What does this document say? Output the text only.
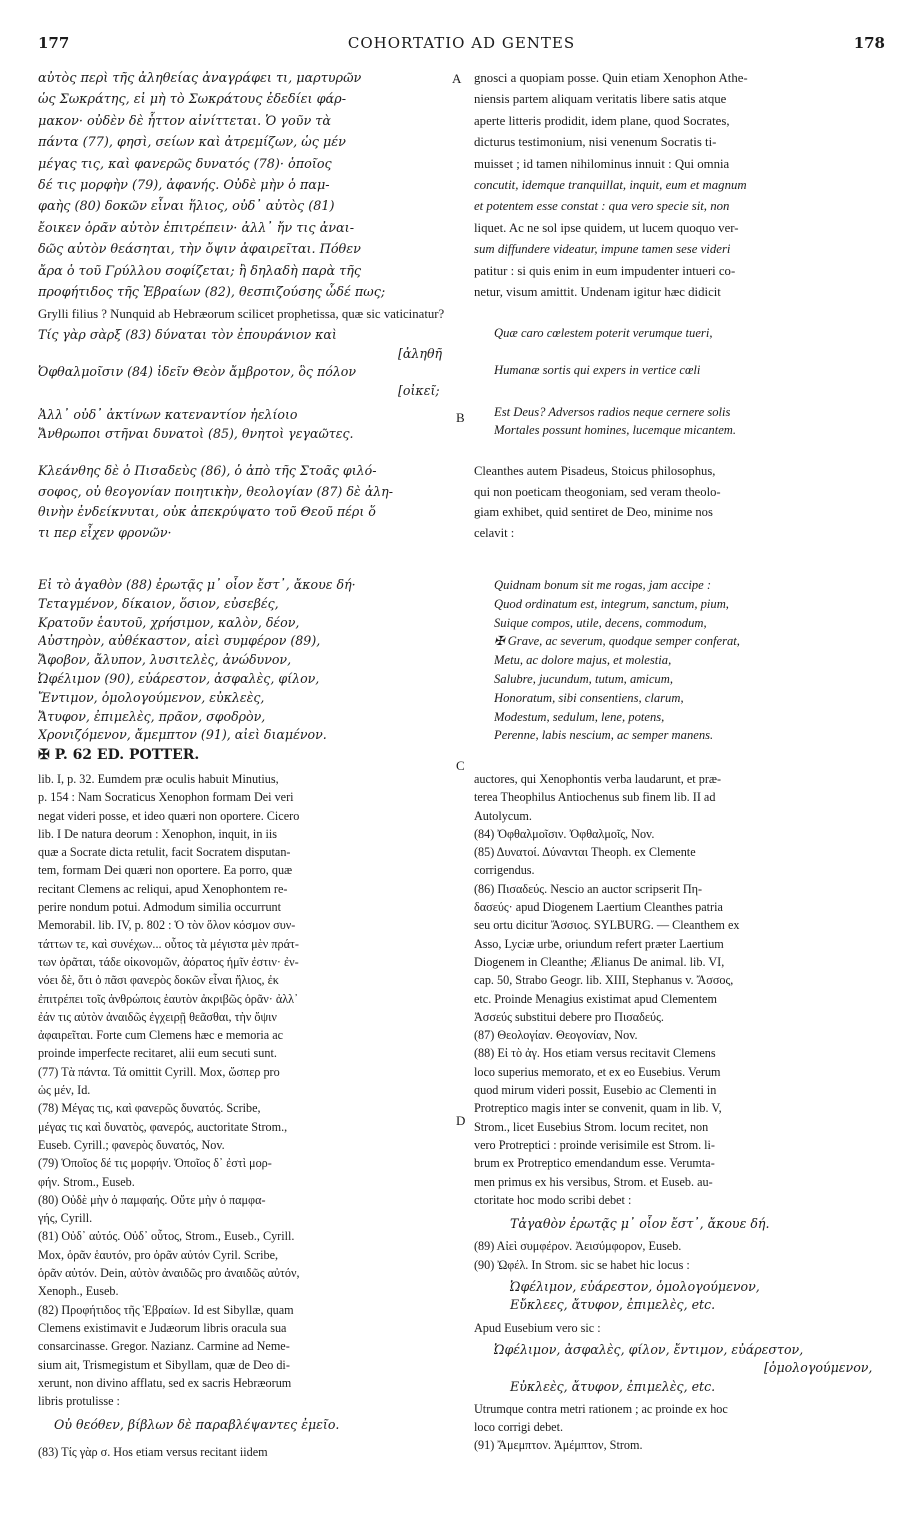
177	COHORTATIO AD GENTES	178
A
B
C
D
αὐτὸς περὶ τῆς ἀληθείας ἀναγράφει τι, μαρτυρῶν
ὡς Σωκράτης, εἰ μὴ τὸ Σωκράτους ἐδεδίει φάρ-
μακον· οὐδὲν δὲ ἧττον αἰνίττεται. Ὁ γοῦν τὰ
πάντα (77), φησὶ, σείων καὶ ἀτρεμίζων, ὡς μέν
μέγας τις, καὶ φανερῶς δυνατός (78)· ὁποῖος
δέ τις μορφὴν (79), ἀφανής. Οὐδὲ μὴν ὁ παμ-
φαὴς (80) δοκῶν εἶναι ἥλιος, οὐδ᾽ αὐτὸς (81)
ἔοικεν ὁρᾶν αὐτὸν ἐπιτρέπειν· ἀλλ᾽ ἤν τις ἀναι-
δῶς αὐτὸν θεάσηται, τὴν ὄψιν ἀφαιρεῖται. Πόθεν
ἄρα ὁ τοῦ Γρύλλου σοφίζεται; ἢ δηλαδὴ παρὰ τῆς
προφήτιδος τῆς Ἑβραίων (82), θεσπιζούσης ὧδέ πως;
gnosci a quopiam posse. Quin etiam Xenophon Athe-
niensis partem aliquam veritatis libere satis atque
aperte litteris prodidit, idem plane, quod Socrates,
dicturus testimonium, nisi venenum Socratis ti-
muisset ; id tamen nihilominus innuit : Qui omnia
concutit, idemque tranquillat, inquit, eum et magnum
et potentem esse constat : qua vero specie sit, non
liquet. Ac ne sol ipse quidem, ut lucem quoquo ver-
sum diffundere videatur, impune tamen sese videri
patitur : si quis enim in eum impudenter intueri co-
netur, visum amittit. Undenam igitur hæc didicit
Grylli filius ? Nunquid ab Hebræorum scilicet prophetissa, quæ sic vaticinatur?
Τίς γὰρ σὰρξ (83) δύναται τὸν ἐπουράνιον καὶ
[ἀληθῆ
Ὀφθαλμοῖσιν (84) ἰδεῖν Θεὸν ἄμβροτον, ὃς πόλον
[οἰκεῖ;
Ἀλλ᾽ οὐδ᾽ ἀκτίνων κατεναντίον ἠελίοιο
Ἄνθρωποι στῆναι δυνατοὶ (85), θνητοὶ γεγαῶτες.
Quæ caro cœlestem poterit verumque tueri,
Humanæ sortis qui expers in vertice cœli
Est Deus? Adversos radios neque cernere solis
Mortales possunt homines, lucemque micantem.
Κλεάνθης δὲ ὁ Πισαδεὺς (86), ὁ ἀπὸ τῆς Στοᾶς φιλό-
σοφος, οὐ θεογονίαν ποιητικὴν, θεολογίαν (87) δὲ ἀλη-
θινὴν ἐνδείκνυται, οὐκ ἀπεκρύψατο τοῦ Θεοῦ πέρι ὅ
τι περ εἶχεν φρονῶν·
Cleanthes autem Pisadeus, Stoicus philosophus,
qui non poeticam theogoniam, sed veram theolo-
giam exhibet, quid sentiret de Deo, minime nos
celavit :
Εἰ τὸ ἀγαθὸν (88) ἐρωτᾷς μ᾽ οἷον ἔστ᾽, ἄκουε δή·
Τεταγμένον, δίκαιον, ὅσιον, εὐσεβές,
Κρατοῦν ἑαυτοῦ, χρήσιμον, καλὸν, δέον,
Αὐστηρὸν, αὐθέκαστον, αἰεὶ συμφέρον (89),
Ἄφοβον, ἄλυπον, λυσιτελὲς, ἀνώδυνον,
Ὠφέλιμον (90), εὐάρεστον, ἀσφαλὲς, φίλον,
Ἔντιμον, ὁμολογούμενον, εὐκλεὲς,
Ἄτυφον, ἐπιμελὲς, πρᾶον, σφοδρὸν,
Χρονιζόμενον, ἄμεμπτον (91), αἰεὶ διαμένον.
Quidnam bonum sit me rogas, jam accipe :
Quod ordinatum est, integrum, sanctum, pium,
Suique compos, utile, decens, commodum,
✠ Grave, ac severum, quodque semper conferat,
Metu, ac dolore majus, et molestia,
Salubre, jucundum, tutum, amicum,
Honoratum, sibi consentiens, clarum,
Modestum, sedulum, lene, potens,
Perenne, labis nescium, ac semper manens.
✠ P. 62 ED. POTTER.
lib. I, p. 32. Eumdem præ oculis habuit Minutius,
p. 154 : Nam Socraticus Xenophon formam Dei veri
negat videri posse, et ideo quæri non oportere. Cicero
lib. I De natura deorum : Xenophon, inquit, in iis
quæ a Socrate dicta retulit, facit Socratem disputan-
tem, formam Dei quæri non oportere. Ea porro, quæ
recitant Clemens ac reliqui, apud Xenophontem re-
perire nondum potui. Admodum similia occurrunt
Memorabil. lib. IV, p. 802 : Ὁ τὸν ὅλον κόσμον συν-
τάττων τε, καὶ συνέχων... οὗτος τὰ μέγιστα μὲν πράτ-
των ὁρᾶται, τάδε οἰκονομῶν, ἀόρατος ἡμῖν ἐστιν· ἐν-
νόει δὲ, ὅτι ὁ πᾶσι φανερὸς δοκῶν εἶναι ἥλιος, ἐκ
ἐπιτρέπει τοῖς ἀνθρώποις ἑαυτὸν ἀκριβῶς ὁρᾶν· ἀλλ᾽
ἐάν τις αὐτὸν ἀναιδῶς ἐγχειρῇ θεᾶσθαι, τὴν ὄψιν
ἀφαιρεῖται. Forte cum Clemens hæc e memoria ac
proinde imperfecte recitaret, alii eum secuti sunt.
(77) Τὰ πάντα. Τά omittit Cyrill. Mox, ὥσπερ pro
ὡς μέν, Id.
(78) Μέγας τις, καὶ φανερῶς δυνατός. Scribe,
μέγας τις καὶ δυνατὸς, φανερός, auctoritate Strom.,
Euseb. Cyrill.; φανερὸς δυνατός, Nov.
(79) Ὁποῖος δέ τις μορφήν. Ὁποῖος δ᾽ ἐστὶ μορ-
φήν. Strom., Euseb.
(80) Οὐδὲ μὴν ὁ παμφαής. Οὔτε μὴν ὁ παμφα-
γής, Cyrill.
(81) Οὐδ᾽ αὐτός. Οὐδ᾽ οὗτος, Strom., Euseb., Cyrill.
Mox, ὁρᾶν ἑαυτόν, pro ὁρᾶν αὐτόν Cyril. Scribe,
ὁρᾶν αὑτόν. Dein, αὐτὸν ἀναιδῶς pro ἀναιδῶς αὐτόν,
Xenoph., Euseb.
(82) Προφήτιδος τῆς Ἑβραίων. Id est Sibyllæ, quam
Clemens existimavit e Judæorum libris oracula sua
consarcinasse. Gregor. Nazianz. Carmine ad Neme-
sium ait, Trismegistum et Sibyllam, quæ de Deo di-
xerunt, non divino afflatu, sed ex sacris Hebræorum
libris protulisse :
Οὐ θεόθεν, βίβλων δὲ παραβλέψαντες ἐμεῖο.
(83) Τίς γὰρ σ. Hos etiam versus recitant iidem
auctores, qui Xenophontis verba laudarunt, et præ-
terea Theophilus Antiochenus sub finem lib. II ad
Autolycum.
(84) Ὀφθαλμοῖσιν. Ὀφθαλμοῖς, Nov.
(85) Δυνατοί. Δύνανται Theoph. ex Clemente
corrigendus.
(86) Πισαδεύς. Nescio an auctor scripserit Πη-
δασεύς· apud Diogenem Laertium Cleanthes patria
seu ortu dicitur Ἄσσιος. SYLBURG. — Cleanthem ex
Asso, Lyciæ urbe, oriundum refert præter Laertium
Diogenem in Cleanthe; Ælianus De animal. lib. VI,
cap. 50, Strabo Geogr. lib. XIII, Stephanus v. Ἄσσος,
etc. Proinde Menagius existimat apud Clementem
Ἀσσεύς substitui debere pro Πισαδεύς.
(87) Θεολογίαν. Θεογονίαν, Nov.
(88) Εἰ τὸ ἀγ. Hos etiam versus recitavit Clemens
loco superius memorato, et ex eo Eusebius. Verum
quod mirum videri possit, Eusebio ac Clementi in
Protreptico magis inter se convenit, quam in lib. V,
Strom., licet Eusebius Strom. locum recitet, non
vero Protreptici : proinde verisimile est Strom. li-
brum ex Protreptico emendandum esse. Verumta-
men primus ex his versibus, Strom. et Euseb. au-
ctoritate hoc modo scribi debet :
Τἀγαθὸν ἐρωτᾷς μ᾽ οἷον ἔστ᾽, ἄκουε δή.
(89) Αἰεὶ συμφέρον. Ἀεισύμφορον, Euseb.
(90) Ὠφέλ. In Strom. sic se habet hic locus :
Ὠφέλιμον, εὐάρεστον, ὁμολογούμενον,
Εὔκλεες, ἄτυφον, ἐπιμελὲς, etc.
Apud Eusebium vero sic :
Ὠφέλιμον, ἀσφαλὲς, φίλον, ἔντιμον, εὐάρεστον,
[ὁμολογούμενον,
Εὐκλεὲς, ἄτυφον, ἐπιμελὲς, etc.
Utrumque contra metri rationem ; ac proinde ex hoc
loco corrigi debet.
(91) Ἄμεμπτον. Ἀμέμπτον, Strom.
